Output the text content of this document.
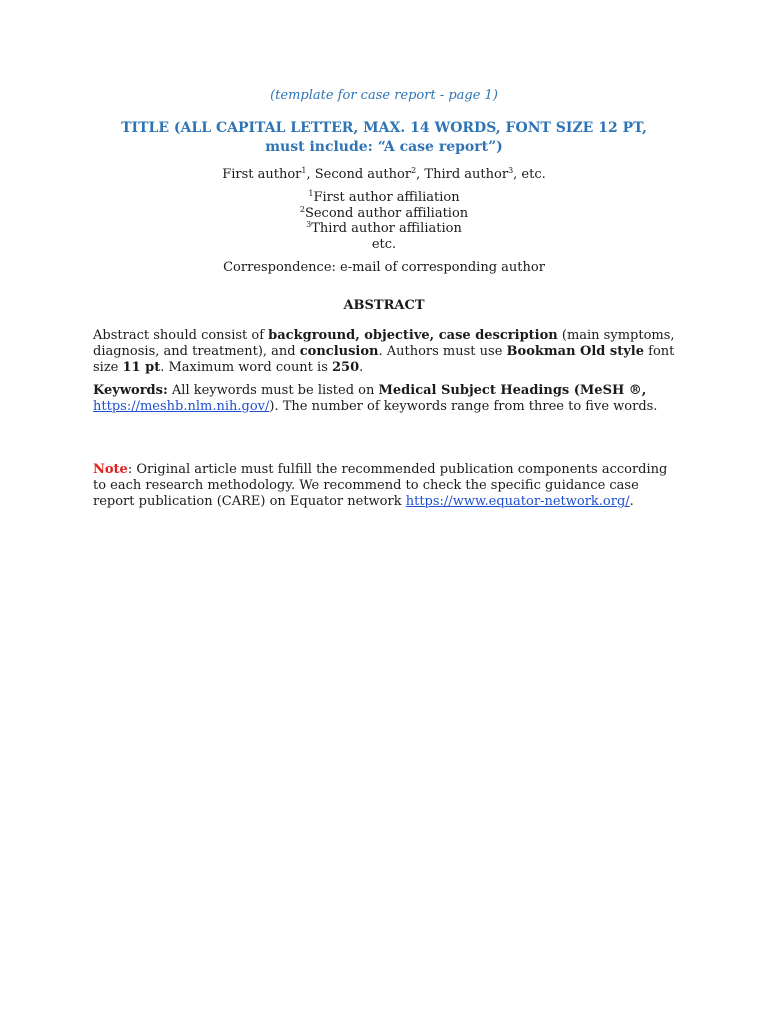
(template for case report - page 1)
TITLE (ALL CAPITAL LETTER, MAX. 14 WORDS, FONT SIZE 12 PT,
must include: “A case report”)
First author$^1$, Second author$^2$, Third author$^3$, etc.
$^1$First author affiliation
$^2$Second author affiliation
$^3$Third author affiliation
etc.
Correspondence: e-mail of corresponding author
ABSTRACT
Abstract should consist of background, objective, case description (main symptoms, diagnosis, and treatment), and conclusion. Authors must use Bookman Old style font size 11 pt. Maximum word count is 250.
Keywords: All keywords must be listed on Medical Subject Headings (MeSH ®, https://meshb.nlm.nih.gov/). The number of keywords range from three to five words.
Note: Original article must fulfill the recommended publication components according to each research methodology. We recommend to check the specific guidance case report publication (CARE) on Equator network https://www.equator-network.org/.
